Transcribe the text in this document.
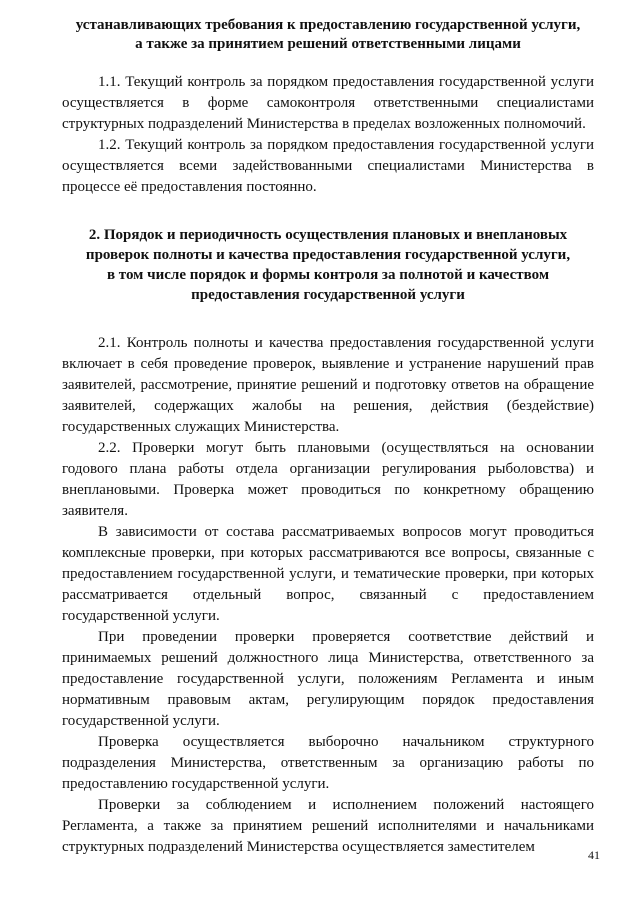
устанавливающих требования к предоставлению государственной услуги,
а также за принятием решений ответственными лицами

1.1. Текущий контроль за порядком предоставления государственной услуги осуществляется в форме самоконтроля ответственными специалистами структурных подразделений Министерства в пределах возложенных полномочий.

1.2. Текущий контроль за порядком предоставления государственной услуги осуществляется всеми задействованными специалистами Министерства в процессе её предоставления постоянно.

2. Порядок и периодичность осуществления плановых и внеплановых
проверок полноты и качества предоставления государственной услуги,
в том числе порядок и формы контроля за полнотой и качеством
предоставления государственной услуги

2.1. Контроль полноты и качества предоставления государственной услуги включает в себя проведение проверок, выявление и устранение нарушений прав заявителей, рассмотрение, принятие решений и подготовку ответов на обращение заявителей, содержащих жалобы на решения, действия (бездействие) государственных служащих Министерства.

2.2. Проверки могут быть плановыми (осуществляться на основании годового плана работы отдела организации регулирования рыболовства) и внеплановыми. Проверка может проводиться по конкретному обращению заявителя.

В зависимости от состава рассматриваемых вопросов могут проводиться комплексные проверки, при которых рассматриваются все вопросы, связанные с предоставлением государственной услуги, и тематические проверки, при которых рассматривается отдельный вопрос, связанный с предоставлением государственной услуги.

При проведении проверки проверяется соответствие действий и принимаемых решений должностного лица Министерства, ответственного за предоставление государственной услуги, положениям Регламента и иным нормативным правовым актам, регулирующим порядок предоставления государственной услуги.

Проверка осуществляется выборочно начальником структурного подразделения Министерства, ответственным за организацию работы по предоставлению государственной услуги.

Проверки за соблюдением и исполнением положений настоящего Регламента, а также за принятием решений исполнителями и начальниками структурных подразделений Министерства осуществляется заместителем	41
